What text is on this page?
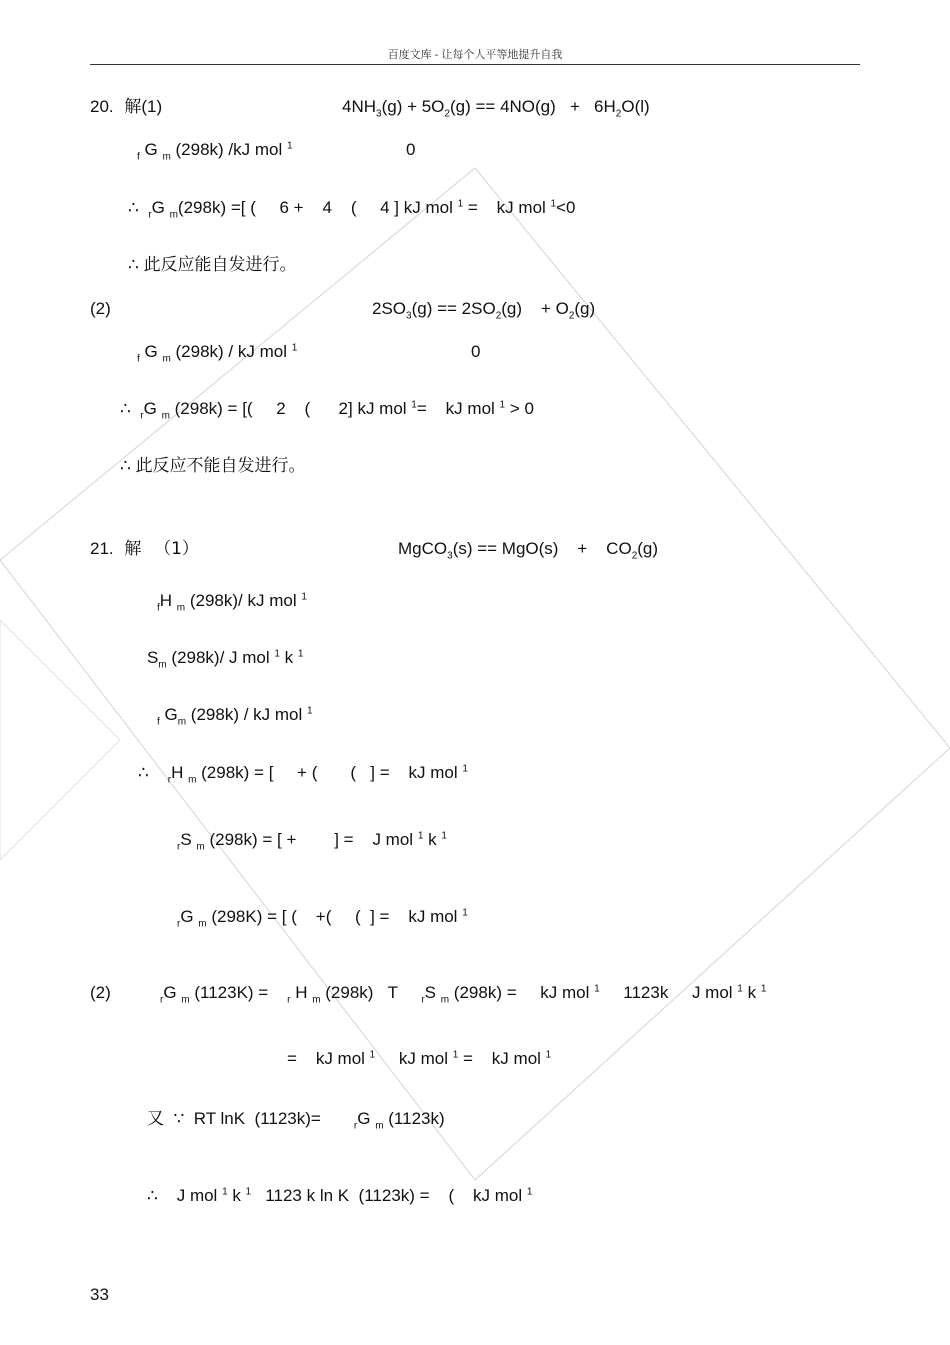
百度文库 - 让每个人平等地提升自我
20. 解(1)	$4NH_3(g) + 5O_2(g) == 4NO(g) + 6H_2O(l)$
$_f$ G $_m$ (298k) /kJ mol $^1$	0
∴ $_r$G $_m$(298k) =[ (     6 +    4    (     4 ] kJ mol $^1$ =    kJ mol $^1$<0
∴ 此反应能自发进行。
(2)	$2SO_3(g) == 2SO_2(g)$    + $O_2(g)$
$_f$ G $_m$ (298k) / kJ mol $^1$	0
∴ $_r$G $_m$ (298k) = [(     2    (      2] kJ mol $^1$=    kJ mol $^1$ > 0
∴ 此反应不能自发进行。
21. 解 （1）	MgCO$_3$(s) == MgO(s)    +    $CO_2(g)$
$_f$H $_m$ (298k)/ kJ mol $^1$
$S_m$ (298k)/ J mol $^1$ k $^1$
$_f$ $G_m$ (298k) / kJ mol $^1$
∴ $_r$H $_m$ (298k) = [     + (       (   ] =    kJ mol $^1$
$_r$S $_m$ (298k) = [ +        ] =    J mol $^1$ k $^1$
$_r$G $_m$ (298K) = [ (    +(     (  ] =    kJ mol $^1$
(2)	$_r$G $_m$ (1123K) =    $_r$ H $_m$ (298k)   T     $_r$S $_m$ (298k) =     kJ mol $^1$     1123k     J mol $^1$ k $^1$
=    kJ mol $^1$     kJ mol $^1$ =    kJ mol $^1$
又 ∵  RT lnK  (1123k)=       $_r$G $_m$ (1123k)
∴    J mol $^1$ k $^1$   1123 k ln K  (1123k) =    (    kJ mol $^1$
33
